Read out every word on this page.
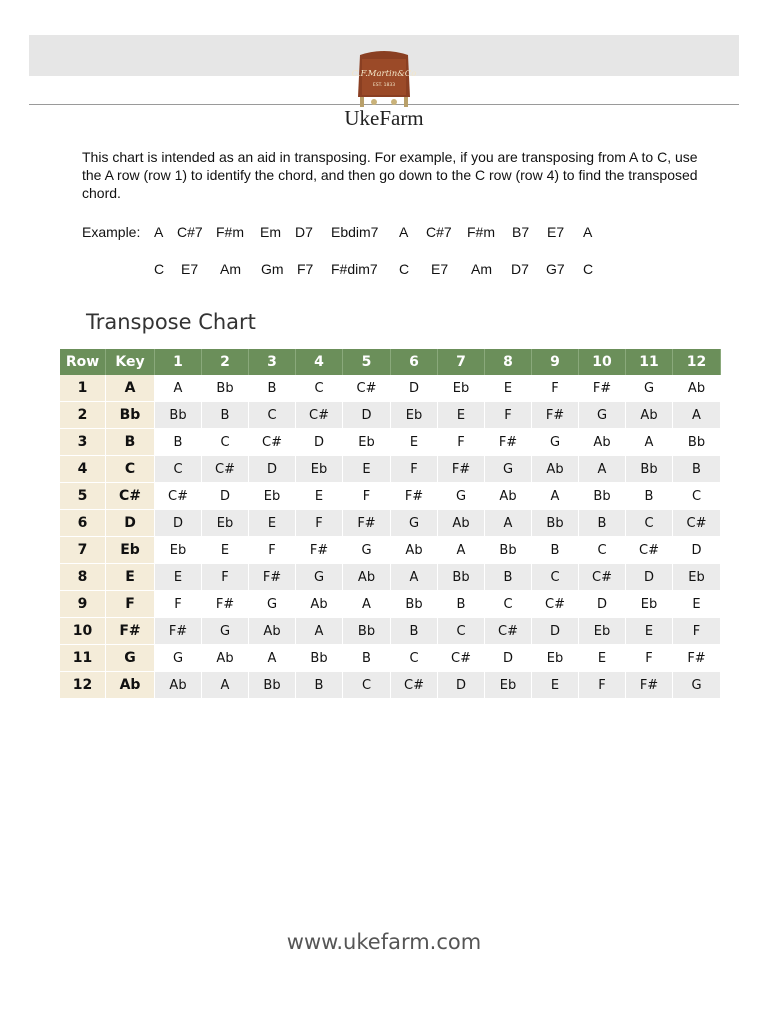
C.F.Martin&Co
EST. 1833
UkeFarm
This chart is intended as an aid in transposing. For example, if you are transposing from A to C, use the A row (row 1) to identify the chord, and then go down to the C row (row 4) to find the transposed chord.
Example: A C#7 F#m Em D7 Ebdim7 A C#7 F#m B7 E7 A
C E7 Am Gm F7 F#dim7 C E7 Am D7 G7 C
Transpose Chart
Row	Key	1	2	3	4	5	6	7	8	9	10	11	12
1	A	A	Bb	B	C	C#	D	Eb	E	F	F#	G	Ab
2	Bb	Bb	B	C	C#	D	Eb	E	F	F#	G	Ab	A
3	B	B	C	C#	D	Eb	E	F	F#	G	Ab	A	Bb
4	C	C	C#	D	Eb	E	F	F#	G	Ab	A	Bb	B
5	C#	C#	D	Eb	E	F	F#	G	Ab	A	Bb	B	C
6	D	D	Eb	E	F	F#	G	Ab	A	Bb	B	C	C#
7	Eb	Eb	E	F	F#	G	Ab	A	Bb	B	C	C#	D
8	E	E	F	F#	G	Ab	A	Bb	B	C	C#	D	Eb
9	F	F	F#	G	Ab	A	Bb	B	C	C#	D	Eb	E
10	F#	F#	G	Ab	A	Bb	B	C	C#	D	Eb	E	F
11	G	G	Ab	A	Bb	B	C	C#	D	Eb	E	F	F#
12	Ab	Ab	A	Bb	B	C	C#	D	Eb	E	F	F#	G
www.ukefarm.com
